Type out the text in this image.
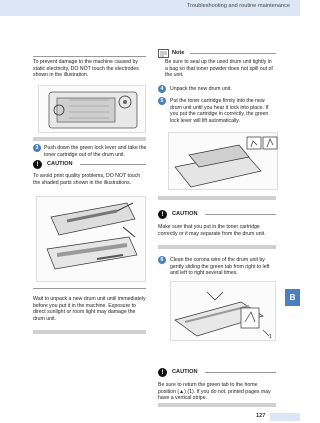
Troubleshooting and routine maintenance
To prevent damage to the machine caused by static electricity, DO NOT touch the electrodes shown in the illustration.
3	Push down the green lock lever and take the toner cartridge out of the drum unit.
!	CAUTION
To avoid print quality problems, DO NOT touch the shaded parts shown in the illustrations.
Wait to unpack a new drum unit until immediately before you put it in the machine. Exposure to direct sunlight or room light may damage the drum unit.
Note
Be sure to seal up the used drum unit tightly in a bag so that toner powder does not spill out of the unit.
4	Unpack the new drum unit.
5	Put the toner cartridge firmly into the new drum unit until you hear it lock into place. If you put the cartridge in correctly, the green lock lever will lift automatically.
!	CAUTION
Make sure that you put in the toner cartridge correctly or it may separate from the drum unit.
6	Clean the corona wire of the drum unit by gently sliding the green tab from right to left and left to right several times.
1
!	CAUTION
Be sure to return the green tab to the home position (▲) (1). If you do not, printed pages may have a vertical stripe.
B
127
